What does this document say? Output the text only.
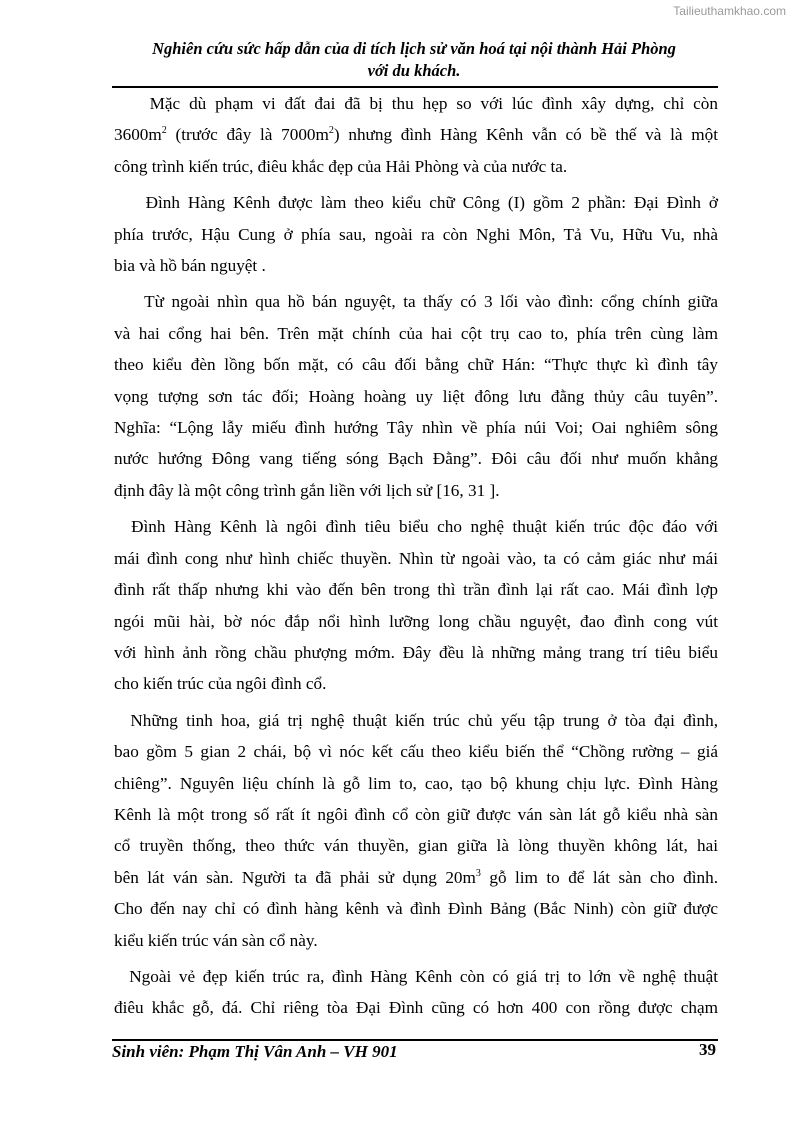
Tailieuthamkhao.com
Nghiên cứu sức hấp dẫn của di tích lịch sử văn hoá tại nội thành Hải Phòng
với du khách.

Mặc dù phạm vi đất đai đã bị thu hẹp so với lúc đình xây dựng, chỉ còn
$3600m^2$ (trước đây là $7000m^2$) nhưng đình Hàng Kênh vẫn có bề thế và là một
công trình kiến trúc, điêu khắc đẹp của Hải Phòng và của nước ta.

Đình Hàng Kênh được làm theo kiểu chữ Công (I) gồm 2 phần: Đại Đình ở
phía trước, Hậu Cung ở phía sau, ngoài ra còn Nghi Môn, Tả Vu, Hữu Vu, nhà
bia và hồ bán nguyệt .

Từ ngoài nhìn qua hồ bán nguyệt, ta thấy có 3 lối vào đình: cổng chính giữa
và hai cổng hai bên. Trên mặt chính của hai cột trụ cao to, phía trên cùng làm
theo kiểu đèn lồng bốn mặt, có câu đối bằng chữ Hán: “Thực thực kì đình tây
vọng tượng sơn tác đối; Hoàng hoàng uy liệt đông lưu đằng thủy câu tuyên”.
Nghĩa: “Lộng lẫy miếu đình hướng Tây nhìn về phía núi Voi; Oai nghiêm sông
nước hướng Đông vang tiếng sóng Bạch Đằng”. Đôi câu đối như muốn khẳng
định đây là một công trình gắn liền với lịch sử [16, 31 ].

Đình Hàng Kênh là ngôi đình tiêu biểu cho nghệ thuật kiến trúc độc đáo với
mái đình cong như hình chiếc thuyền. Nhìn từ ngoài vào, ta có cảm giác như mái
đình rất thấp nhưng khi vào đến bên trong thì trần đình lại rất cao. Mái đình lợp
ngói mũi hài, bờ nóc đắp nổi hình lưỡng long chầu nguyệt, đao đình cong vút
với hình ảnh rồng chầu phượng mớm. Đây đều là những mảng trang trí tiêu biểu
cho kiến trúc của ngôi đình cổ.

Những tinh hoa, giá trị nghệ thuật kiến trúc chủ yếu tập trung ở tòa đại đình,
bao gồm 5 gian 2 chái, bộ vì nóc kết cấu theo kiểu biến thể “Chồng rường – giá
chiêng”. Nguyên liệu chính là gỗ lim to, cao, tạo bộ khung chịu lực. Đình Hàng
Kênh là một trong số rất ít ngôi đình cổ còn giữ được ván sàn lát gỗ kiểu nhà sàn
cổ truyền thống, theo thức ván thuyền, gian giữa là lòng thuyền không lát, hai
bên lát ván sàn. Người ta đã phải sử dụng $20m^3$ gỗ lim to để lát sàn cho đình.
Cho đến nay chỉ có đình hàng kênh và đình Đình Bảng (Bắc Ninh) còn giữ được
kiểu kiến trúc ván sàn cổ này.

Ngoài vẻ đẹp kiến trúc ra, đình Hàng Kênh còn có giá trị to lớn về nghệ thuật
điêu khắc gỗ, đá. Chỉ riêng tòa Đại Đình cũng có hơn 400 con rồng được chạm

Sinh viên: Phạm Thị Vân Anh – VH 901	39
